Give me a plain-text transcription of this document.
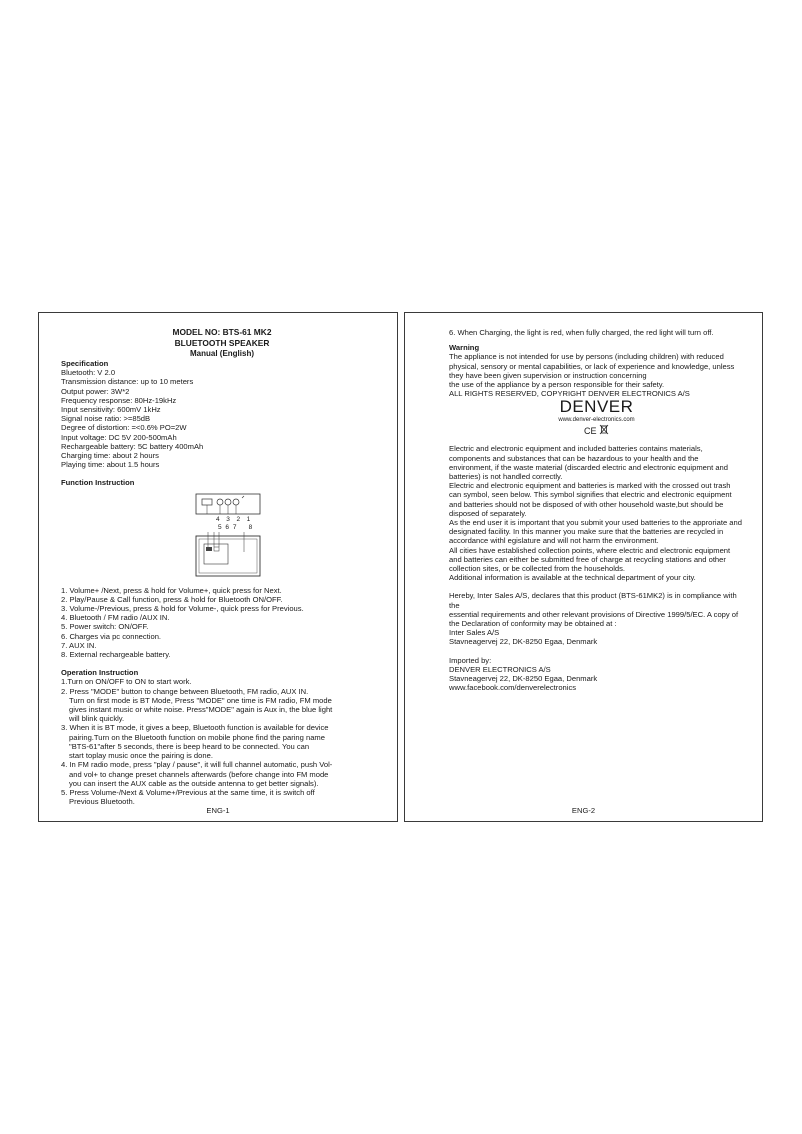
MODEL NO: BTS-61 MK2
BLUETOOTH SPEAKER
Manual (English)
Specification

Bluetooth: V 2.0

Transmission distance: up to 10 meters

Output power: 3W*2

Frequency response: 80Hz-19kHz

Input sensitivity: 600mV 1kHz

Signal noise ratio: >=85dB

Degree of distortion: =<0.6% PO=2W

Input voltage: DC 5V 200-500mAh

Rechargeable battery: 5C battery 400mAh

Charging time: about 2 hours

Playing time: about 1.5 hours

Function Instruction
4  3  2  1
5 6 7    8

1. Volume+ /Next, press & hold for Volume+, quick press for Next.

2. Play/Pause & Call function, press & hold for Bluetooth ON/OFF.

3. Volume-/Previous, press & hold for Volume-, quick press for Previous.

4. Bluetooth / FM radio /AUX IN.

5. Power switch: ON/OFF.

6. Charges via pc connection.

7. AUX IN.

8. External rechargeable battery.

Operation Instruction

1.Turn on ON/OFF to ON to start work.

2. Press "MODE" button to change between Bluetooth, FM radio, AUX IN.

Turn on first mode is BT Mode, Press "MODE" one time is FM radio, FM mode

gives instant music or white noise. Press"MODE" again is Aux in, the blue light

will blink quickly.

3. When it is BT mode, it gives a beep, Bluetooth function is available for device

pairing.Turn on the Bluetooth function on mobile phone find the paring name

"BTS-61"after 5 seconds, there is beep heard to be connected. You can

start toplay music once the pairing is done.

4. In FM radio mode, press "play / pause", it will full channel automatic, push Vol-

and vol+ to change preset channels afterwards (before change into FM mode

you can insert the AUX cable as the outside antenna to get better signals).

5. Press Volume-/Next & Volume+/Previous at the same time, it is switch off

Previous Bluetooth.

ENG-1

6. When Charging, the light is red, when fully charged, the red light will turn off.

Warning

The appliance is not intended for use by persons (including children) with reduced

physical, sensory or mental capabilities, or lack of experience and knowledge, unless

they have been given supervision or instruction concerning

the use of the appliance by a person responsible for their safety.

ALL RIGHTS RESERVED, COPYRIGHT DENVER ELECTRONICS A/S

DENVER
www.denver-electronics.com
CE

Electric and electronic equipment and included batteries contains materials,

components and substances that can be hazardous to your health and the

environment, if the waste material (discarded electric and electronic equipment and

batteries) is not handled correctly.

Electric and electronic equipment and batteries is marked with the crossed out trash

can symbol, seen below. This symbol signifies that electric and electronic equipment

and batteries should not be disposed of with other household waste,but should be

disposed of separately.

As the end user it is important that you submit your used batteries to the approriate and

designated facility. In this manner you make sure that the batteries are recycled in

accordance withl egislature and will not harm the environment.

All cities have established collection points, where electric and electronic equipment

and batteries can either be submitted free of charge at recycling stations and other

collection sites, or be collected from the households.

Additional information is available at the technical department of your city.

Hereby, Inter Sales A/S, declares that this product (BTS-61MK2) is in compliance with the

essential requirements and other relevant provisions of Directive 1999/5/EC. A copy of

the Declaration of conformity may be obtained at :

Inter Sales A/S

Stavneagervej 22, DK-8250 Egaa, Denmark

Imported by:

DENVER ELECTRONICS A/S

Stavneagervej 22, DK-8250 Egaa, Denmark

www.facebook.com/denverelectronics

ENG-2
